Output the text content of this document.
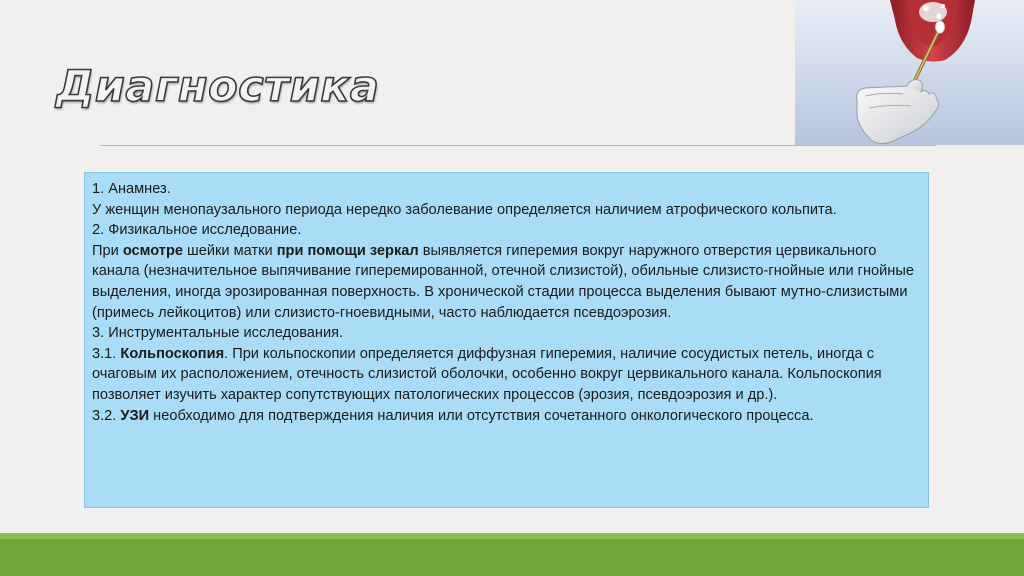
Диагностика

1. Анамнез.

У женщин менопаузального периода нередко заболевание определяется наличием атрофического кольпита.

2. Физикальное исследование.

При осмотре шейки матки при помощи зеркал выявляется гиперемия вокруг наружного отверстия цервикального канала (незначительное выпячивание гиперемированной, отечной слизистой), обильные слизисто-гнойные или гнойные выделения, иногда эрозированная поверхность. В хронической стадии процесса выделения бывают мутно-слизистыми (примесь лейкоцитов) или слизисто-гноевидными, часто наблюдается псевдоэрозия.

3. Инструментальные исследования.

3.1. Кольпоскопия. При кольпоскопии определяется диффузная гиперемия, наличие сосудистых петель, иногда с очаговым их расположением, отечность слизистой оболочки, особенно вокруг цервикального канала. Кольпоскопия позволяет изучить характер сопутствующих патологических процессов (эрозия, псевдоэрозия и др.).

3.2. УЗИ необходимо для подтверждения наличия или отсутствия сочетанного онкологического процесса.
